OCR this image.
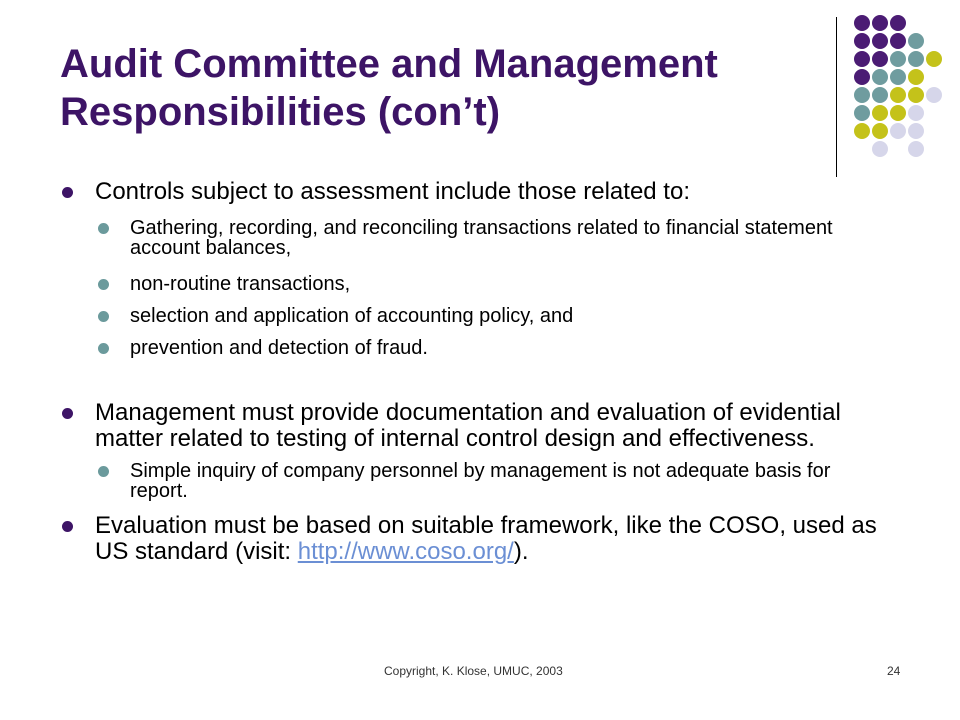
Audit Committee and Management Responsibilities (con’t)
Controls subject to assessment include those related to:
Gathering, recording, and reconciling transactions related to financial statement account balances,
non-routine transactions,
selection and application of accounting policy, and
prevention and detection of fraud.
Management must provide documentation and evaluation of evidential matter related to testing of internal control design and effectiveness.
Simple inquiry of company personnel by management is not adequate basis for report.
Evaluation must be based on suitable framework, like the COSO, used as US standard (visit: http://www.coso.org/).
Copyright, K. Klose, UMUC, 2003	24
